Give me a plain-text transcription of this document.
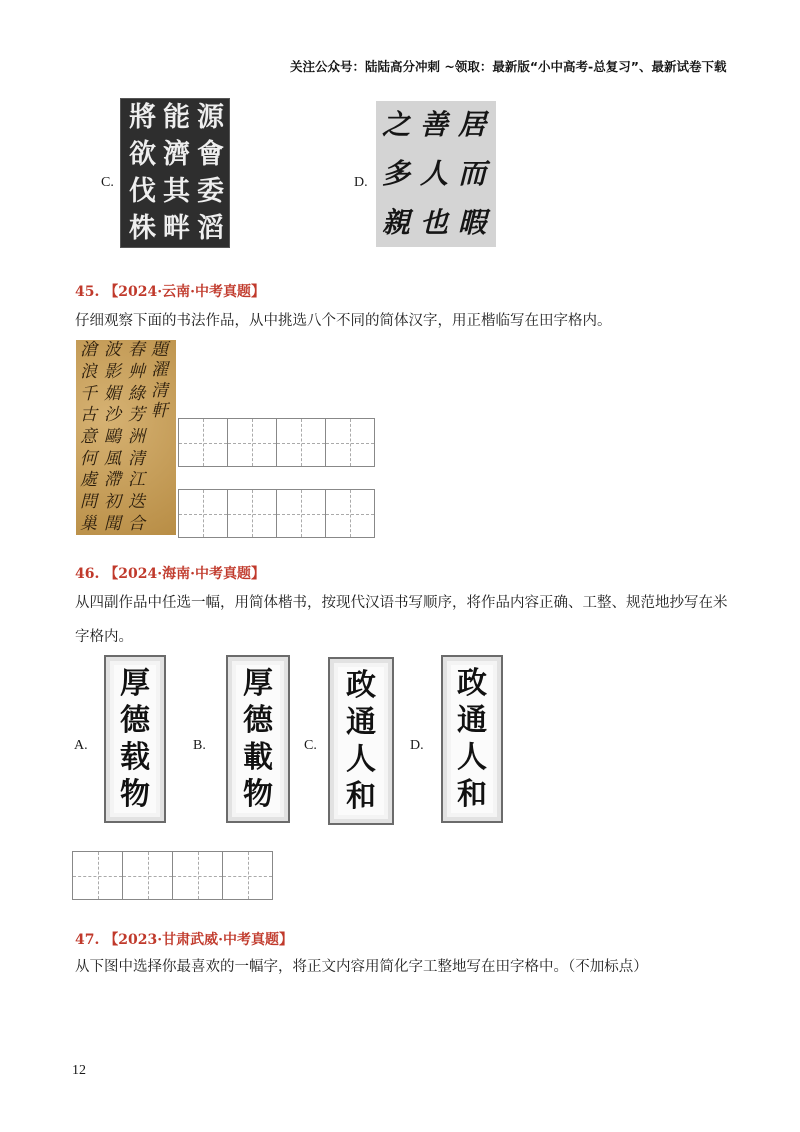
关注公众号：陆陆高分冲刺 ~领取：最新版“小中高考-总复习”、最新试卷下载
C.
源
會
委
滔
能
濟
其
畔
將
欲
伐
株
D.
居
而
暇
善
人
也
之
多
親
45. 【2024·云南·中考真题】
仔细观察下面的书法作品，从中挑选八个不同的简体汉字，用正楷临写在田字格内。
題
濯
清
軒
春
艸
綠
芳
洲
清
江
迭
合
波
影
媚
沙
鷗
風
滯
初
聞
滄
浪
千
古
意
何
處
問
巢
46. 【2024·海南·中考真题】
从四副作品中任选一幅，用简体楷书，按现代汉语书写顺序，将作品内容正确、工整、规范地抄写在米字格内。
A.
厚
德
载
物
B.
厚
德
載
物
C.
政
通
人
和
D.
政
通
人
和
47. 【2023·甘肃武威·中考真题】
从下图中选择你最喜欢的一幅字，将正文内容用简化字工整地写在田字格中。（不加标点）
12
